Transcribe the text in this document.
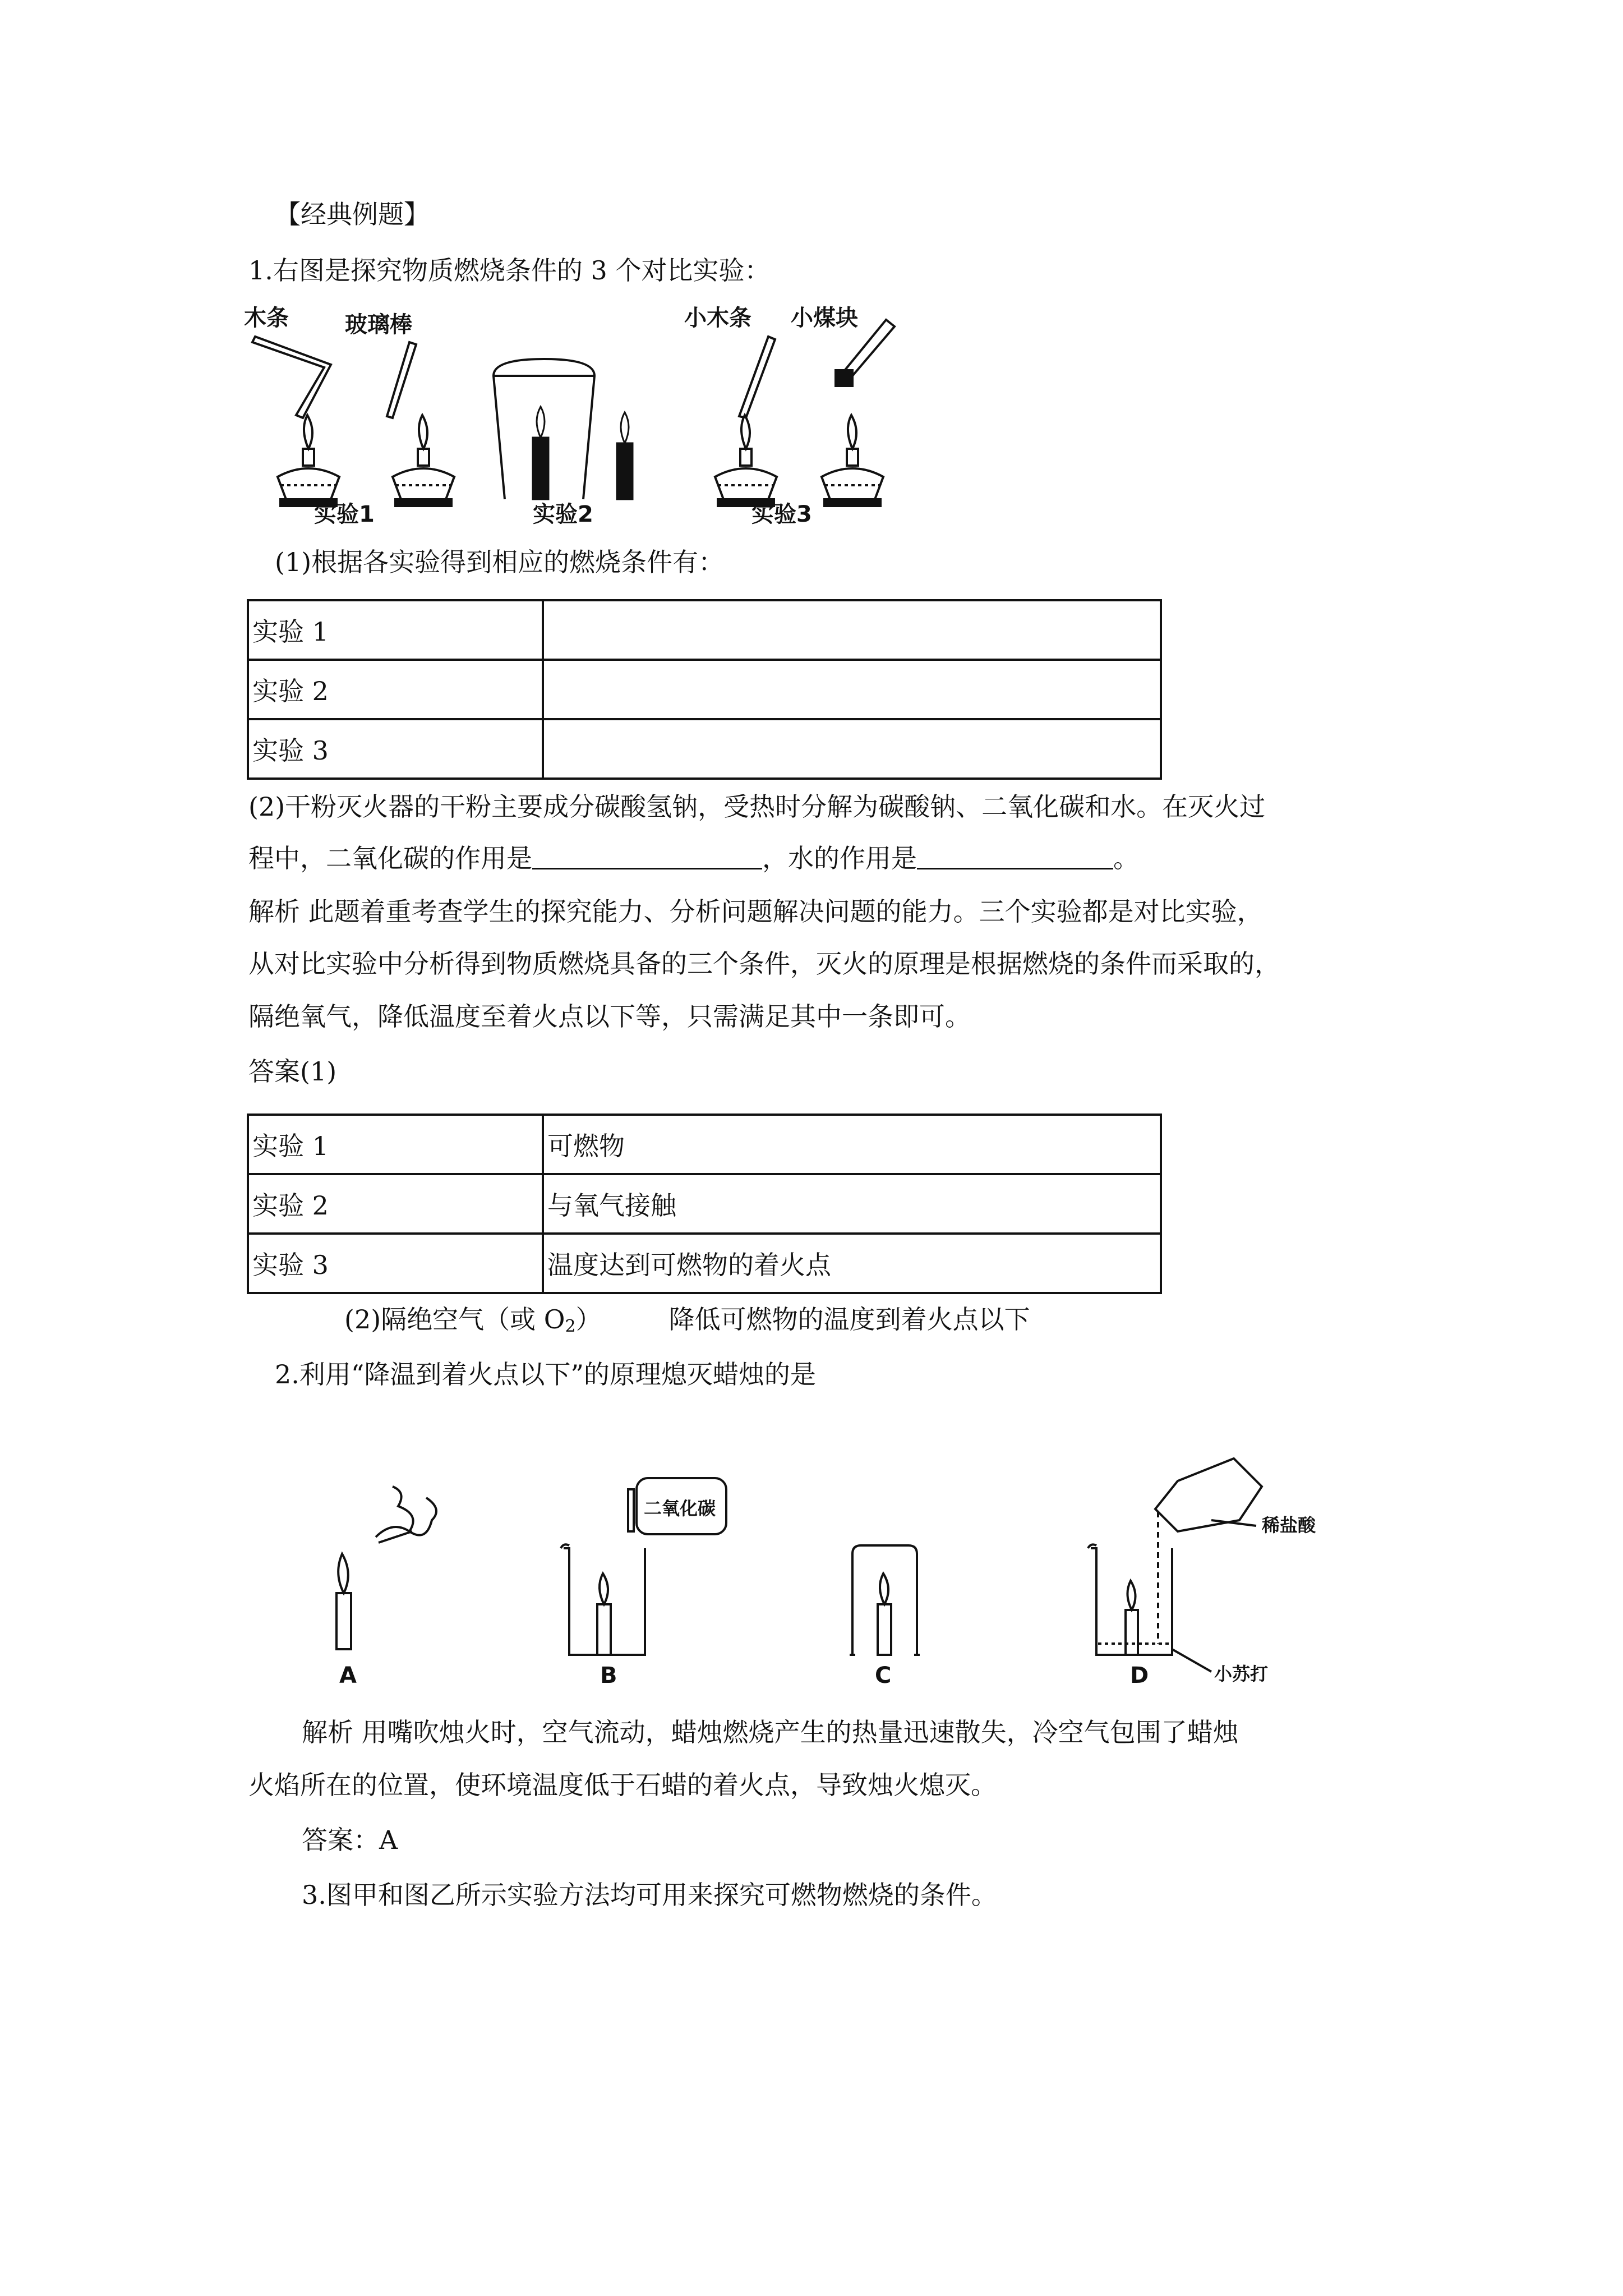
【经典例题】
1.右图是探究物质燃烧条件的 3 个对比实验：
木条	玻璃棒
实验1	实验2
小木条 小煤块
实验3
(1)根据各实验得到相应的燃烧条件有：
实验 1	
实验 2	
实验 3	
(2)干粉灭火器的干粉主要成分碳酸氢钠，受热时分解为碳酸钠、二氧化碳和水。在灭火过
程中，二氧化碳的作用是	，水的作用是	。
解析 此题着重考查学生的探究能力、分析问题解决问题的能力。三个实验都是对比实验，
从对比实验中分析得到物质燃烧具备的三个条件，灭火的原理是根据燃烧的条件而采取的，
隔绝氧气，降低温度至着火点以下等，只需满足其中一条即可。
答案(1)
实验 1	可燃物
实验 2	与氧气接触
实验 3	温度达到可燃物的着火点
(2)隔绝空气（或 $O_2$）	降低可燃物的温度到着火点以下
2.利用“降温到着火点以下”的原理熄灭蜡烛的是
A
二氧化碳
B	C
稀盐酸
小苏打
D
解析 用嘴吹烛火时，空气流动，蜡烛燃烧产生的热量迅速散失，冷空气包围了蜡烛
火焰所在的位置，使环境温度低于石蜡的着火点，导致烛火熄灭。
答案：A
3.图甲和图乙所示实验方法均可用来探究可燃物燃烧的条件。
